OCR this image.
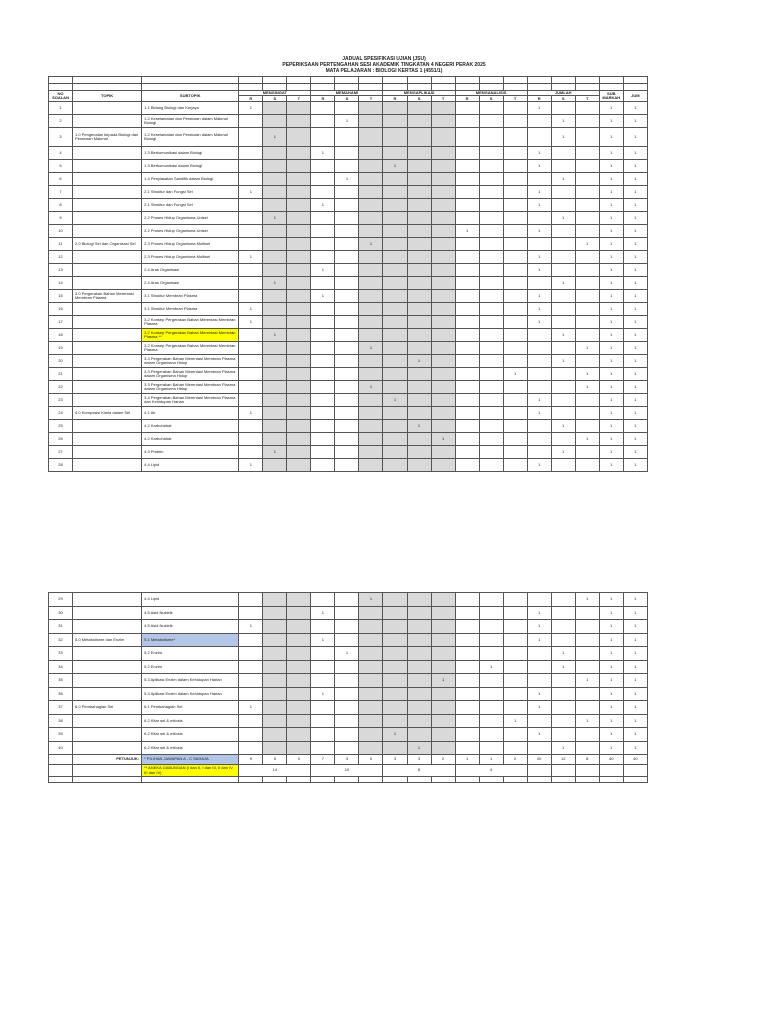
JADUAL SPESIFIKASI UJIAN (JSU)
PEPERIKSAAN PERTENGAHAN SESI AKADEMIK TINGKATAN 4 NEGERI PERAK 2025
MATA PELAJARAN : BIOLOGI KERTAS 1 (4551/1)

NO SOALAN	TOPIK	SUBTOPIK	MENGINGAT			MEMAHAMI			MENGAPLIKASI			MENGANALISIS			JUMLAH			SUB MARKAH	JUM
			R	S	T	R	S	T	R	S	T	R	S	T	R	S	T		
1		1.1 Bidang Biologi dan Kerjaya	1												1			1	1
2		1.2 Keselamatan dan Peraturan dalam Makmal Biologi					1									1		1	1
3	1.0 Pengenalan kepada Biologi dan Peraturan Makmal	1.2 Keselamatan dan Peraturan dalam Makmal Biologi		1												1		1	1
4		1.3 Berkomunikasi dalam Biologi				1									1			1	1
5		1.3 Berkomunikasi dalam Biologi							1						1			1	1
6		1.4 Penyiasatan Saintifik dalam Biologi					1									1		1	1
7		2.1 Struktur dan Fungsi Sel	1												1			1	1
8		2.1 Struktur dan Fungsi Sel				1									1			1	1
9		2.2 Proses Hidup Organisma Unisel		1												1		1	1
10		2.2 Proses Hidup Organisma Unisel										1			1			1	1
11	2.0 Biologi Sel dan Organisasi Sel	2.3 Proses Hidup Organisma Multisel						1									1	1	1
12		2.3 Proses Hidup Organisma Multisel	1												1			1	1
13		2.4 Aras Organisasi				1									1			1	1
14		2.4 Aras Organisasi		1												1		1	1
15	3.0 Pergerakan Bahan Merentasi Membran Plasma	3.1 Struktur Membran Plasma				1									1			1	1
16		3.1 Struktur Membran Plasma	1												1			1	1
17		3.2 Konsep Pergerakan Bahan Merentasi Membran Plasma	1												1			1	1
18		3.2 Konsep Pergerakan Bahan Merentasi Membran Plasma **		1												1		1	1
19		3.2 Konsep Pergerakan Bahan Merentasi Membran Plasma						1									1	1	1
20		3.3 Pergerakan Bahan Merentasi Membran Plasma dalam Organisma Hidup								1						1		1	1
21		3.3 Pergerakan Bahan Merentasi Membran Plasma dalam Organisma Hidup												1			1	1	1
22		3.3 Pergerakan Bahan Merentasi Membran Plasma dalam Organisma Hidup						1									1	1	1
23		3.4 Pergerakan Bahan Merentasi Membran Plasma dan Kehidupan Harian							1						1			1	1
24	4.0 Komposisi Kimia dalam Sel	4.1 Air	1												1			1	1
25		4.2 Karbohidrat								1						1		1	1
26		4.2 Karbohidrat									1						1	1	1
27		4.3 Protein		1												1		1	1
28		4.4 Lipid	1												1			1	1
29		4.4 Lipid						1									1	1	1
30		4.5 Asid Nukleik				1									1			1	1
31		4.5 Asid Nukleik	1												1			1	1
32	5.0 Metabolisme dan Enzim	5.1 Metabolisme*				1									1			1	1
33		5.2 Enzim					1									1		1	1
34		5.2 Enzim											1			1		1	1
35		5.3 Aplikasi Enzim dalam Kehidupan Harian									1						1	1	1
36		5.3 Aplikasi Enzim dalam Kehidupan Harian				1									1			1	1
37	6.0 Pembahagian Sel	6.1 Pembahagian Sel	1												1			1	1
38		6.2 Kitar sel & mitosis												1			1	1	1
39		6.2 Kitar sel & mitosis							1						1			1	1
40		6.2 Kitar sel & mitosis								1						1		1	1
	PETUNJUK:	* PILIHAN JAWAPAN A - C SAHAJA	9	5	0	7	3	0	3	3	2	1	1	2	20	12	8	40	40
		** ANEKA GABUNGAN (I dan II, I dan III, II dan IV, III dan IV)	14			10			8			4							
